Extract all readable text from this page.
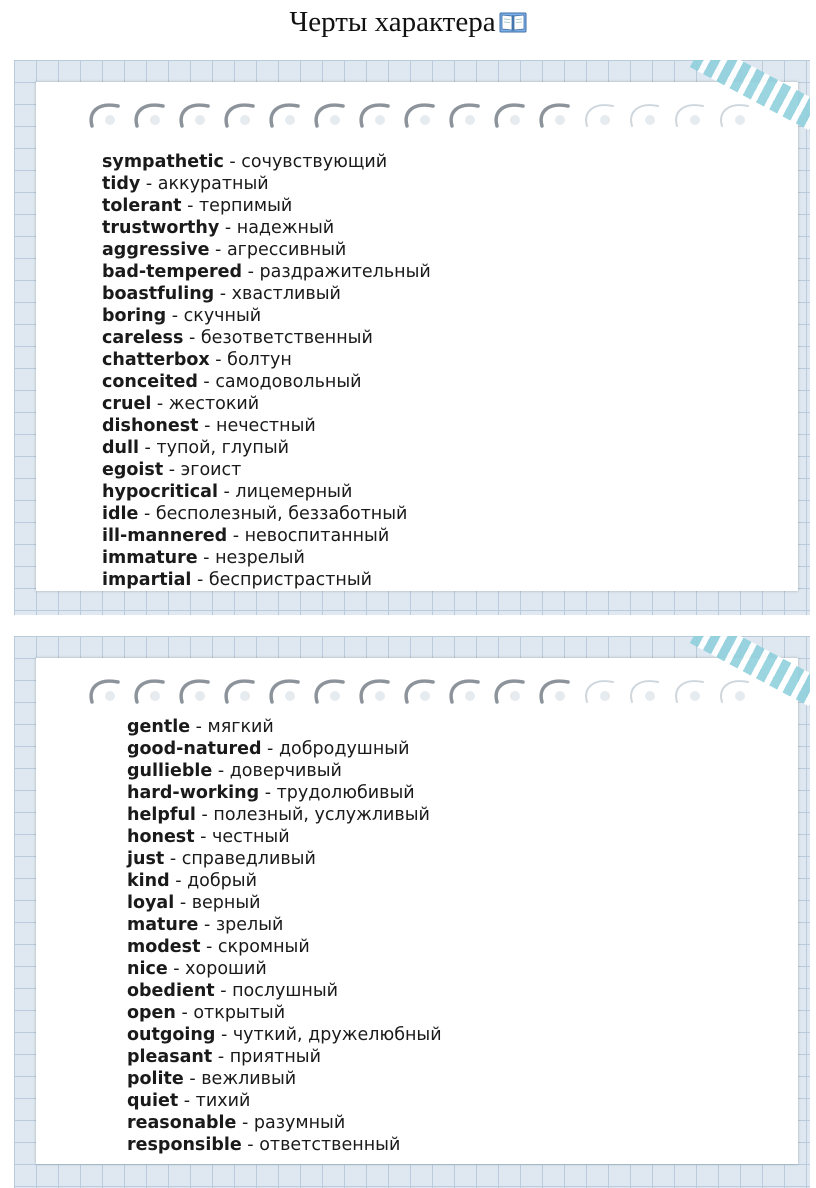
Черты характера
sympathetic - сочувствующий
tidy - аккуратный
tolerant - терпимый
trustworthy - надежный
aggressive - агрессивный
bad-tempered - раздражительный
boastfuling - хвастливый
boring - скучный
careless - безответственный
chatterbox - болтун
conceited - самодовольный
cruel - жестокий
dishonest - нечестный
dull - тупой, глупый
egoist - эгоист
hypocritical - лицемерный
idle - бесполезный, беззаботный
ill-mannered - невоспитанный
immature - незрелый
impartial - беспристрастный
gentle - мягкий
good-natured - добродушный
gullieble - доверчивый
hard-working - трудолюбивый
helpful - полезный, услужливый
honest - честный
just - справедливый
kind - добрый
loyal - верный
mature - зрелый
modest - скромный
nice - хороший
obedient - послушный
open - открытый
outgoing - чуткий, дружелюбный
pleasant - приятный
polite - вежливый
quiet - тихий
reasonable - разумный
responsible - ответственный
